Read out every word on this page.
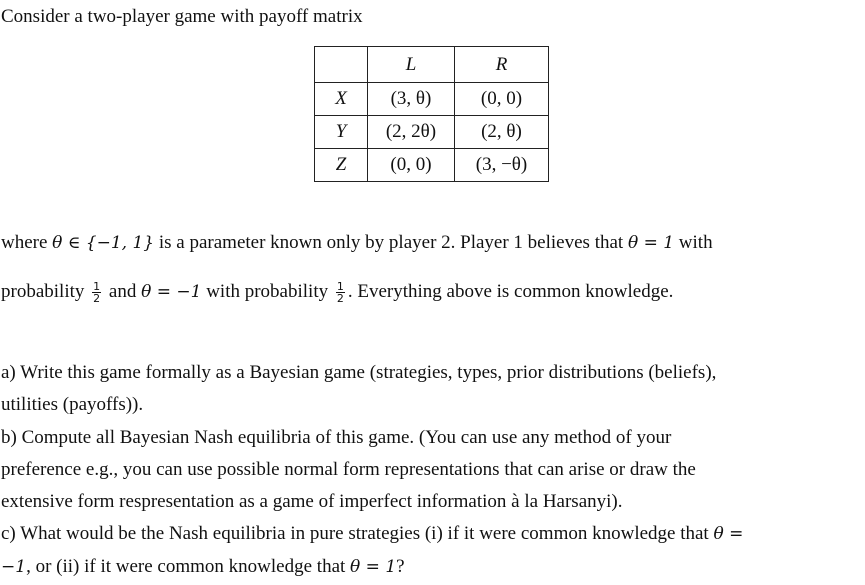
Consider a two-player game with payoff matrix
	L	R
X	(3, θ)	(0, 0)
Y	(2, 2θ)	(2, θ)
Z	(0, 0)	(3, −θ)
where θ ∈ {−1, 1} is a parameter known only by player 2. Player 1 believes that θ = 1 with
probability $\frac{1}{2}$ and θ = −1 with probability $\frac{1}{2}$ . Everything above is common knowledge.
a) Write this game formally as a Bayesian game (strategies, types, prior distributions (beliefs),
utilities (payoffs)).
b) Compute all Bayesian Nash equilibria of this game. (You can use any method of your
preference e.g., you can use possible normal form representations that can arise or draw the
extensive form respresentation as a game of imperfect information à la Harsanyi).
c) What would be the Nash equilibria in pure strategies (i) if it were common knowledge that θ =
−1, or (ii) if it were common knowledge that θ = 1?
